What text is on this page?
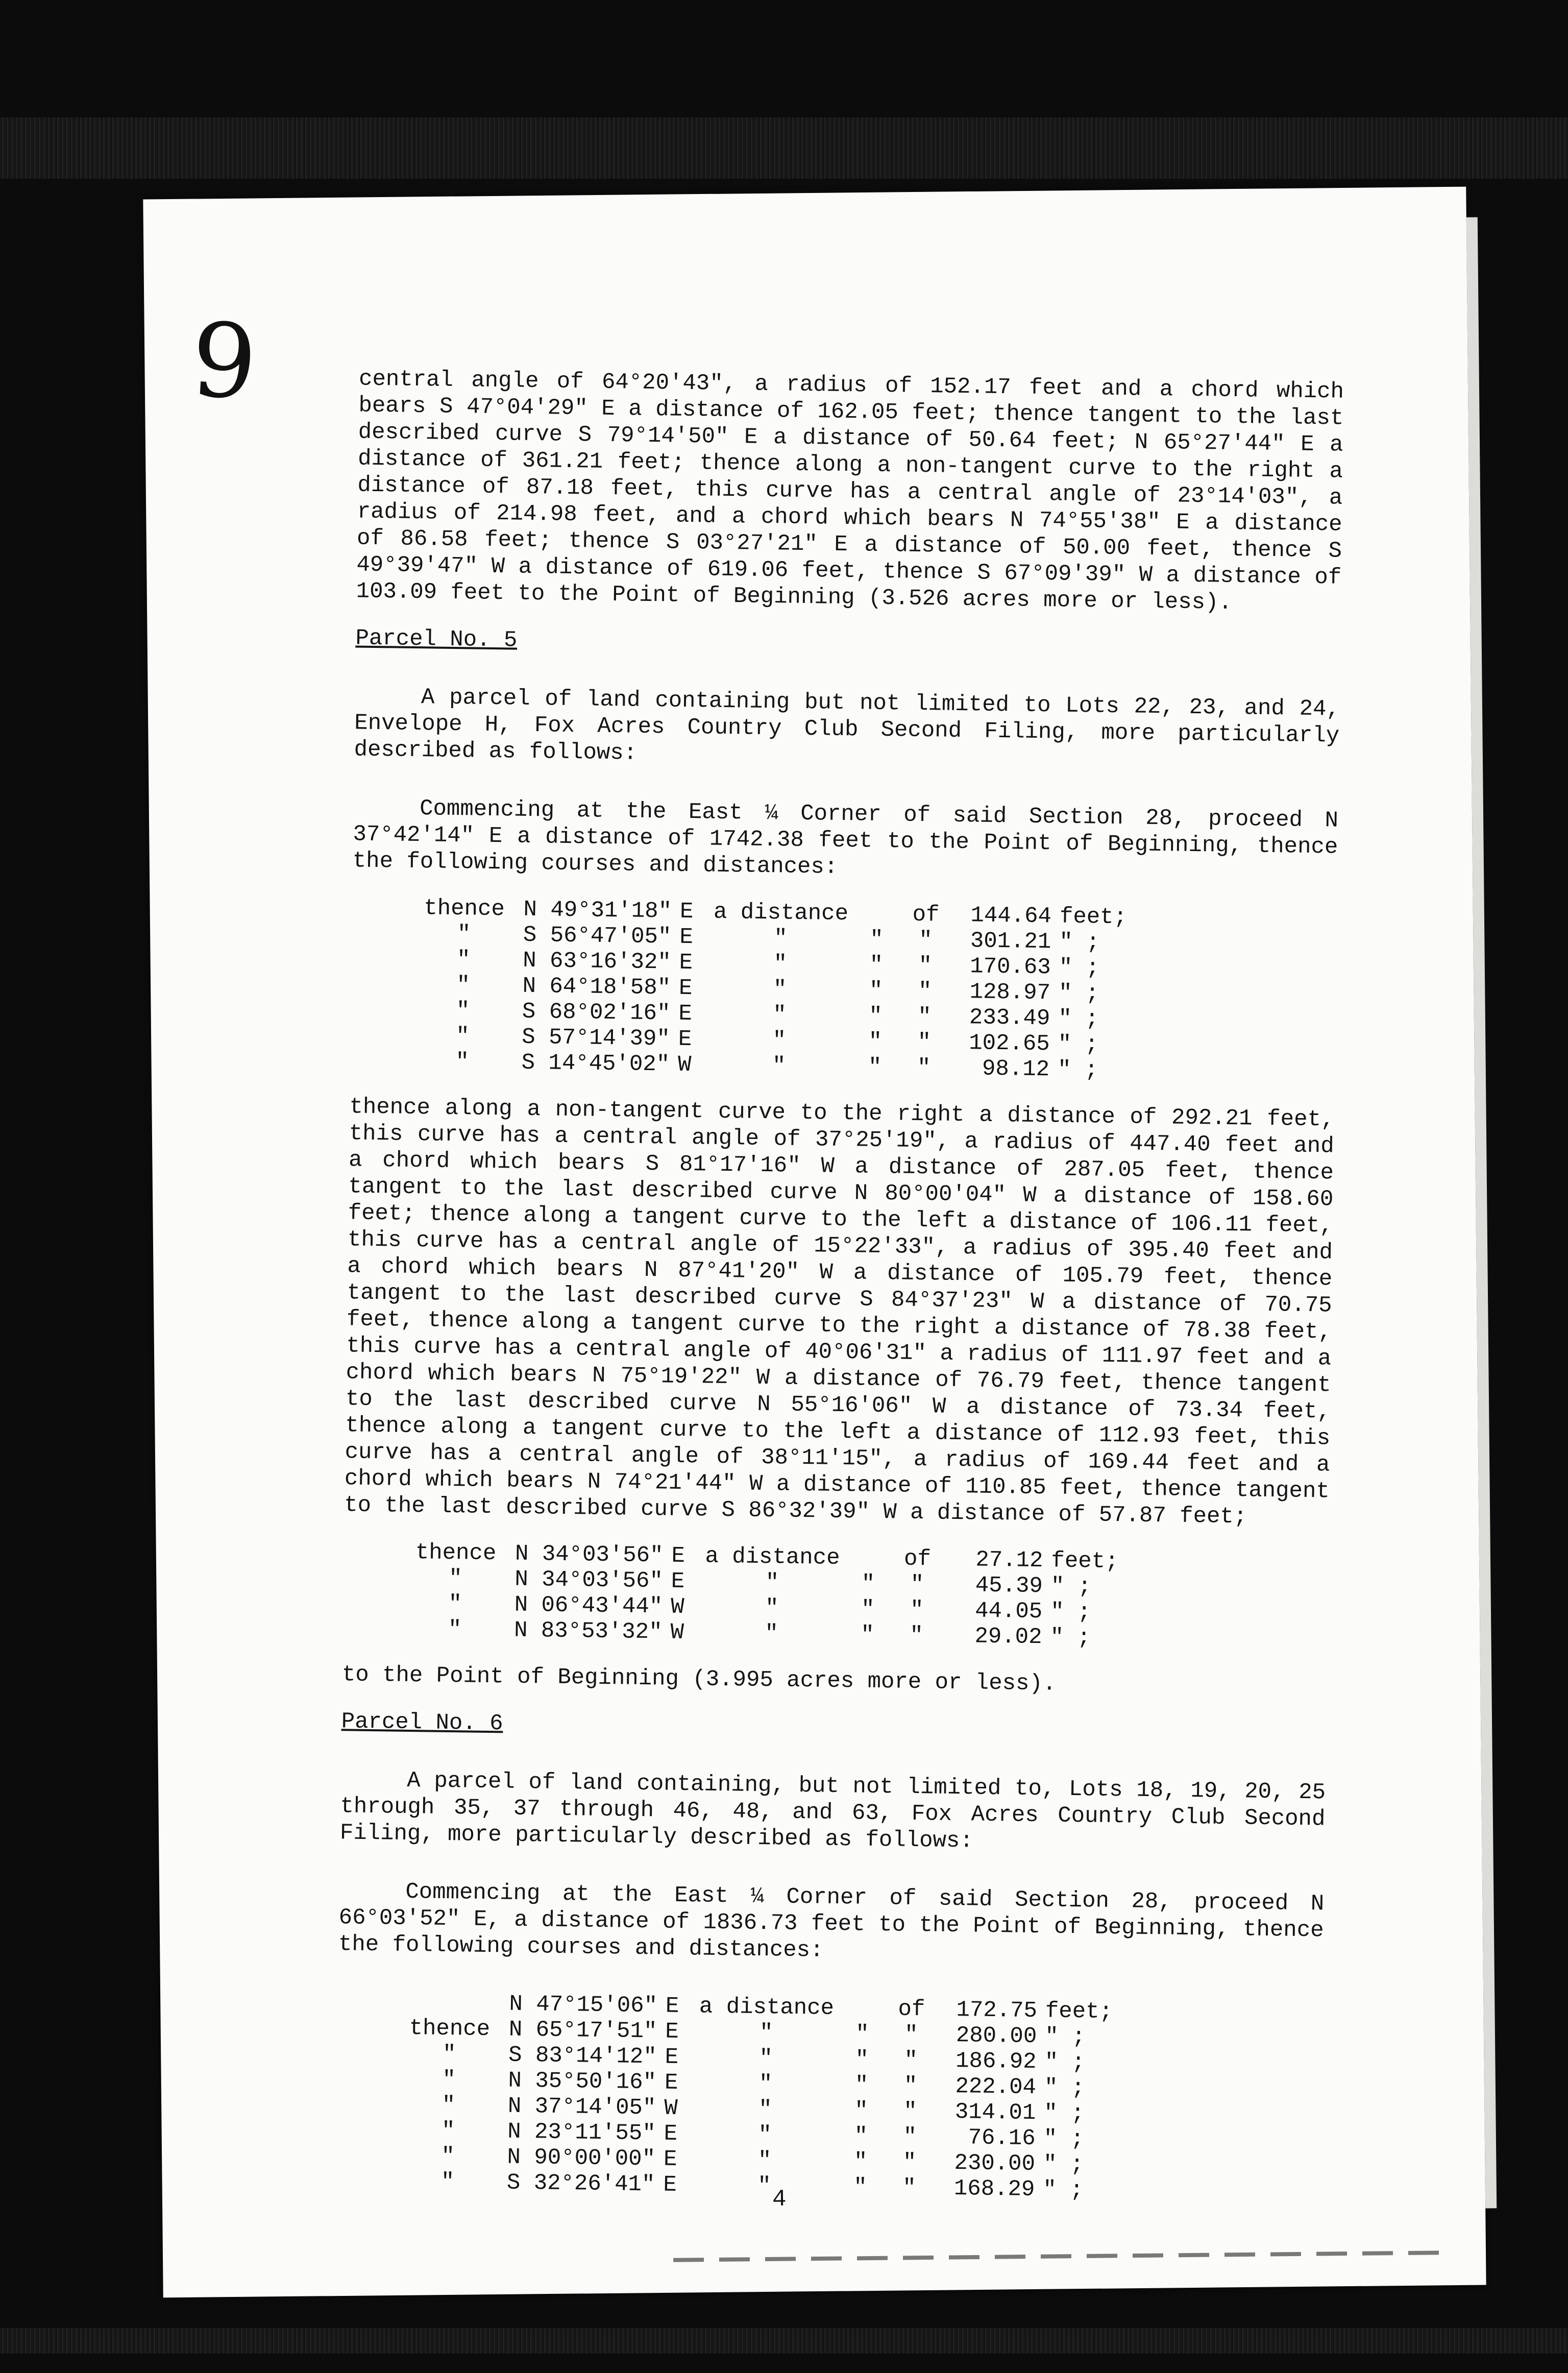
9	central angle of 64°20'43", a radius of 152.17 feet and a chord which bears S 47°04'29" E a distance of 162.05 feet; thence tangent to the last described curve S 79°14'50" E a distance of 50.64 feet; N 65°27'44" E a distance of 361.21 feet; thence along a non-tangent curve to the right a distance of 87.18 feet, this curve has a central angle of 23°14'03", a radius of 214.98 feet, and a chord which bears N 74°55'38" E a distance of 86.58 feet; thence S 03°27'21" E a distance of 50.00 feet, thence S 49°39'47" W a distance of 619.06 feet, thence S 67°09'39" W a distance of 103.09 feet to the Point of Beginning (3.526 acres more or less).

Parcel No. 5

A parcel of land containing but not limited to Lots 22, 23, and 24, Envelope H, Fox Acres Country Club Second Filing, more particularly described as follows:

Commencing at the East ¼ Corner of said Section 28, proceed N 37°42'14" E a distance of 1742.38 feet to the Point of Beginning, thence the following courses and distances:

thence	N 49°31'18"	E	a distance		of	144.64	feet;
"	S 56°47'05"	E	"	"	"	301.21	" ;
"	N 63°16'32"	E	"	"	"	170.63	" ;
"	N 64°18'58"	E	"	"	"	128.97	" ;
"	S 68°02'16"	E	"	"	"	233.49	" ;
"	S 57°14'39"	E	"	"	"	102.65	" ;
"	S 14°45'02"	W	"	"	"	98.12	" ;

thence along a non-tangent curve to the right a distance of 292.21 feet, this curve has a central angle of 37°25'19", a radius of 447.40 feet and a chord which bears S 81°17'16" W a distance of 287.05 feet, thence tangent to the last described curve N 80°00'04" W a distance of 158.60 feet; thence along a tangent curve to the left a distance of 106.11 feet, this curve has a central angle of 15°22'33", a radius of 395.40 feet and a chord which bears N 87°41'20" W a distance of 105.79 feet, thence tangent to the last described curve S 84°37'23" W a distance of 70.75 feet, thence along a tangent curve to the right a distance of 78.38 feet, this curve has a central angle of 40°06'31" a radius of 111.97 feet and a chord which bears N 75°19'22" W a distance of 76.79 feet, thence tangent to the last described curve N 55°16'06" W a distance of 73.34 feet, thence along a tangent curve to the left a distance of 112.93 feet, this curve has a central angle of 38°11'15", a radius of 169.44 feet and a chord which bears N 74°21'44" W a distance of 110.85 feet, thence tangent to the last described curve S 86°32'39" W a distance of 57.87 feet;

thence	N 34°03'56"	E	a distance		of	27.12	feet;
"	N 34°03'56"	E	"	"	"	45.39	" ;
"	N 06°43'44"	W	"	"	"	44.05	" ;
"	N 83°53'32"	W	"	"	"	29.02	" ;

to the Point of Beginning (3.995 acres more or less).

Parcel No. 6

A parcel of land containing, but not limited to, Lots 18, 19, 20, 25 through 35, 37 through 46, 48, and 63, Fox Acres Country Club Second Filing, more particularly described as follows:

Commencing at the East ¼ Corner of said Section 28, proceed N 66°03'52" E, a distance of 1836.73 feet to the Point of Beginning, thence the following courses and distances:

	N 47°15'06"	E	a distance		of	172.75	feet;
thence	N 65°17'51"	E	"	"	"	280.00	" ;
"	S 83°14'12"	E	"	"	"	186.92	" ;
"	N 35°50'16"	E	"	"	"	222.04	" ;
"	N 37°14'05"	W	"	"	"	314.01	" ;
"	N 23°11'55"	E	"	"	"	76.16	" ;
"	N 90°00'00"	E	"	"	"	230.00	" ;
"	S 32°26'41"	E	"	"	"	168.29	" ;
4
